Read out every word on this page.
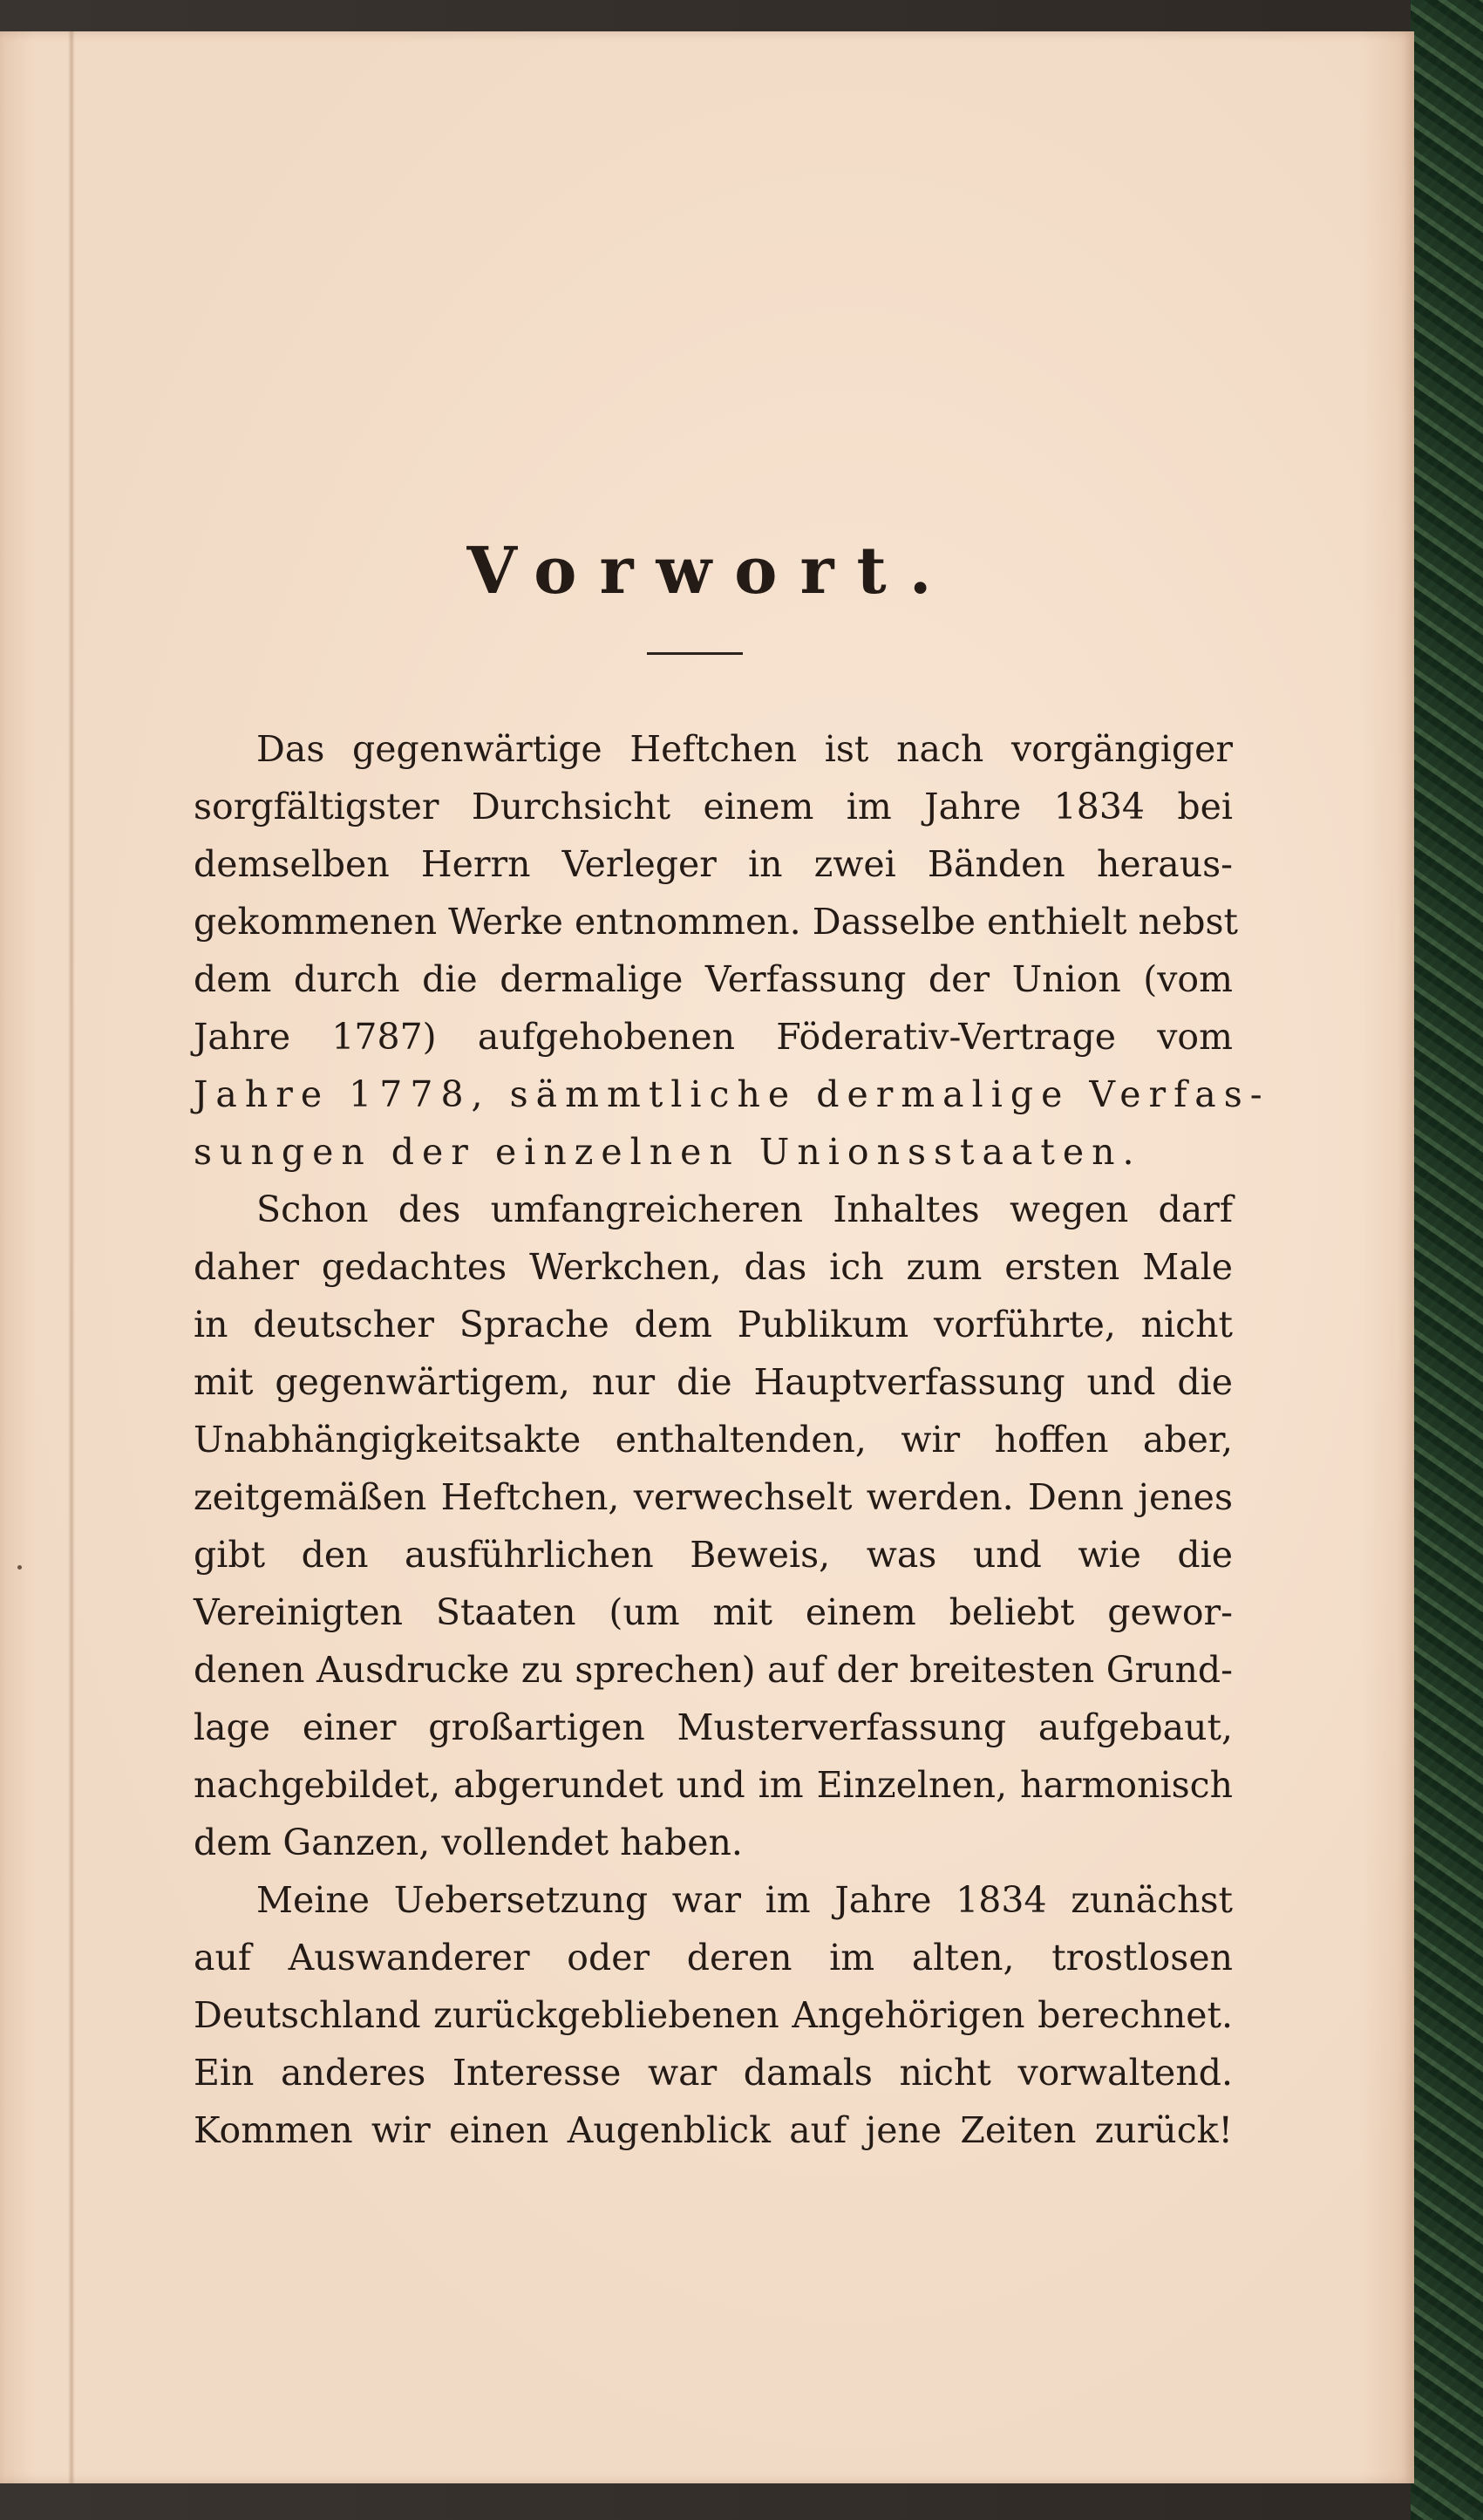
Vorwort.
Das gegenwärtige Heftchen ist nach vorgängiger
sorgfältigster Durchsicht einem im Jahre 1834 bei
demselben Herrn Verleger in zwei Bänden heraus-
gekommenen Werke entnommen. Dasselbe enthielt nebst
dem durch die dermalige Verfassung der Union (vom
Jahre 1787) aufgehobenen Föderativ-Vertrage vom
Jahre 1778, sämmtliche dermalige Verfas-
sungen der einzelnen Unionsstaaten.
Schon des umfangreicheren Inhaltes wegen darf
daher gedachtes Werkchen, das ich zum ersten Male
in deutscher Sprache dem Publikum vorführte, nicht
mit gegenwärtigem, nur die Hauptverfassung und die
Unabhängigkeitsakte enthaltenden, wir hoffen aber,
zeitgemäßen Heftchen, verwechselt werden. Denn jenes
gibt den ausführlichen Beweis, was und wie die
Vereinigten Staaten (um mit einem beliebt gewor-
denen Ausdrucke zu sprechen) auf der breitesten Grund-
lage einer großartigen Musterverfassung aufgebaut,
nachgebildet, abgerundet und im Einzelnen, harmonisch
dem Ganzen, vollendet haben.
Meine Uebersetzung war im Jahre 1834 zunächst
auf Auswanderer oder deren im alten, trostlosen
Deutschland zurückgebliebenen Angehörigen berechnet.
Ein anderes Interesse war damals nicht vorwaltend.
Kommen wir einen Augenblick auf jene Zeiten zurück!
